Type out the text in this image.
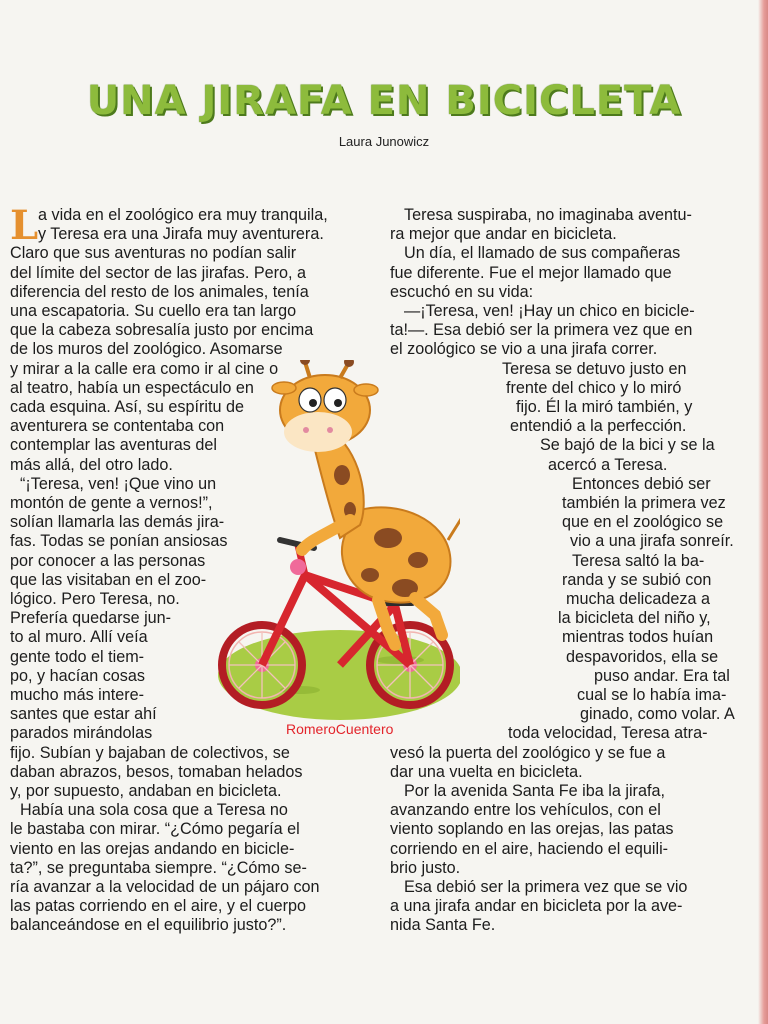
UNA JIRAFA EN BICICLETA
Laura Junowicz
L
RomeroCuentero
a vida en el zoológico era muy tranquila,
y Teresa era una Jirafa muy aventurera.
Claro que sus aventuras no podían salir
del límite del sector de las jirafas. Pero, a
diferencia del resto de los animales, tenía
una escapatoria. Su cuello era tan largo
que la cabeza sobresalía justo por encima
de los muros del zoológico. Asomarse
y mirar a la calle era como ir al cine o
al teatro, había un espectáculo en
cada esquina. Así, su espíritu de
aventurera se contentaba con
contemplar las aventuras del
más allá, del otro lado.
“¡Teresa, ven! ¡Que vino un
montón de gente a vernos!”,
solían llamarla las demás jira-
fas. Todas se ponían ansiosas
por conocer a las personas
que las visitaban en el zoo-
lógico. Pero Teresa, no.
Prefería quedarse jun-
to al muro. Allí veía
gente todo el tiem-
po, y hacían cosas
mucho más intere-
santes que estar ahí
parados mirándolas
fijo. Subían y bajaban de colectivos, se
daban abrazos, besos, tomaban helados
y, por supuesto, andaban en bicicleta.
Había una sola cosa que a Teresa no
le bastaba con mirar. “¿Cómo pegaría el
viento en las orejas andando en bicicle-
ta?”, se preguntaba siempre. “¿Cómo se-
ría avanzar a la velocidad de un pájaro con
las patas corriendo en el aire, y el cuerpo
balanceándose en el equilibrio justo?”.
Teresa suspiraba, no imaginaba aventu-
ra mejor que andar en bicicleta.
Un día, el llamado de sus compañeras
fue diferente. Fue el mejor llamado que
escuchó en su vida:
—¡Teresa, ven! ¡Hay un chico en bicicle-
ta!—. Esa debió ser la primera vez que en
el zoológico se vio a una jirafa correr.
Teresa se detuvo justo en
frente del chico y lo miró
fijo. Él la miró también, y
entendió a la perfección.
Se bajó de la bici y se la
acercó a Teresa.
Entonces debió ser
también la primera vez
que en el zoológico se
vio a una jirafa sonreír.
Teresa saltó la ba-
randa y se subió con
mucha delicadeza a
la bicicleta del niño y,
mientras todos huían
despavoridos, ella se
puso andar. Era tal
cual se lo había ima-
ginado, como volar. A
toda velocidad, Teresa atra-
vesó la puerta del zoológico y se fue a
dar una vuelta en bicicleta.
Por la avenida Santa Fe iba la jirafa,
avanzando entre los vehículos, con el
viento soplando en las orejas, las patas
corriendo en el aire, haciendo el equili-
brio justo.
Esa debió ser la primera vez que se vio
a una jirafa andar en bicicleta por la ave-
nida Santa Fe.
